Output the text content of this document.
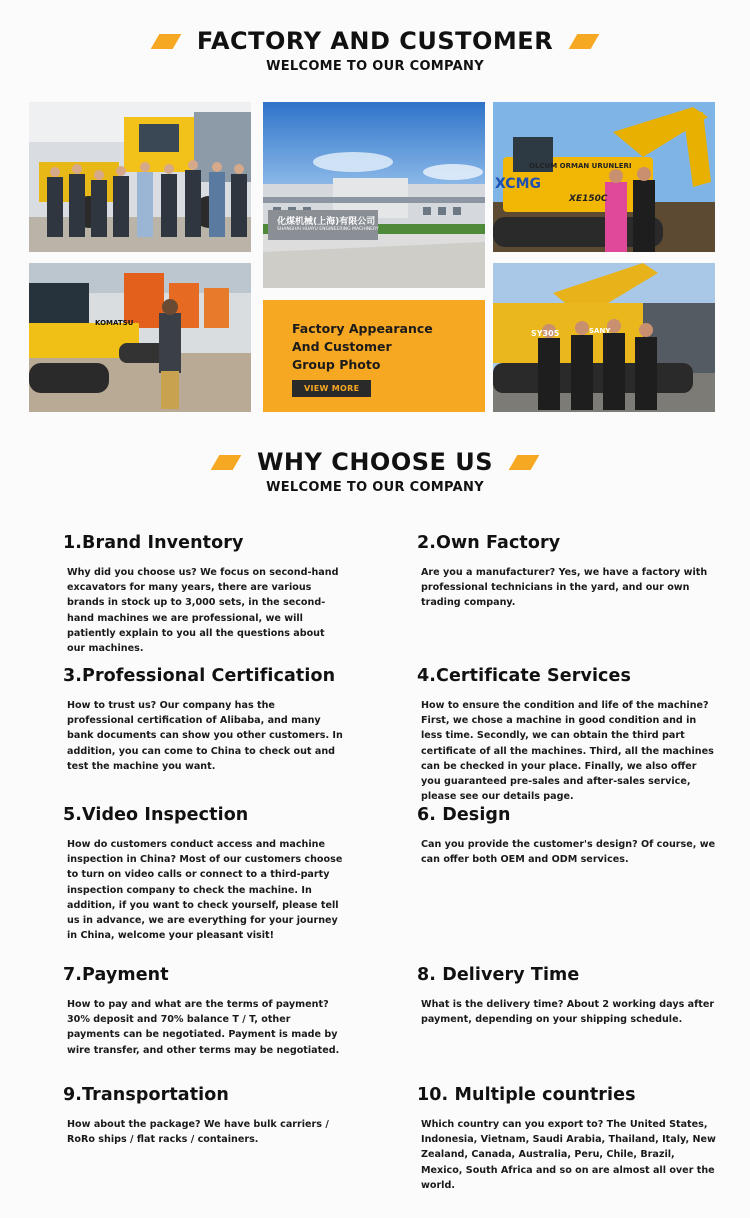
FACTORY AND CUSTOMER
WELCOME TO OUR COMPANY
化煤机械(上海)有限公司
SHANGHAI HUAYU ENGINEERING MACHINERY
OLCUM ORMAN URUNLERI
XE150C
XCMG
KOMATSU	Factory Appearance
And Customer
Group Photo
VIEW MORE
SY305	SANY
WHY CHOOSE US
WELCOME TO OUR COMPANY
1.Brand Inventory

Why did you choose us? We focus on second-hand excavators for many years, there are various brands in stock up to 3,000 sets, in the second-hand machines we are professional, we will patiently explain to you all the questions about our machines.

2.Own Factory

Are you a manufacturer? Yes, we have a factory with professional technicians in the yard, and our own trading company.

3.Professional Certification

How to trust us? Our company has the professional certification of Alibaba, and many bank documents can show you other customers. In addition, you can come to China to check out and test the machine you want.

4.Certificate Services

How to ensure the condition and life of the machine? First, we chose a machine in good condition and in less time. Secondly, we can obtain the third part certificate of all the machines. Third, all the machines can be checked in your place. Finally, we also offer you guaranteed pre-sales and after-sales service, please see our details page.

5.Video Inspection

How do customers conduct access and machine inspection in China? Most of our customers choose to turn on video calls or connect to a third-party inspection company to check the machine. In addition, if you want to check yourself, please tell us in advance, we are everything for your journey in China, welcome your pleasant visit!

6. Design

Can you provide the customer's design? Of course, we can offer both OEM and ODM services.

7.Payment

How to pay and what are the terms of payment? 30% deposit and 70% balance T / T, other payments can be negotiated. Payment is made by wire transfer, and other terms may be negotiated.

8. Delivery Time

What is the delivery time? About 2 working days after payment, depending on your shipping schedule.

9.Transportation

How about the package? We have bulk carriers / RoRo ships / flat racks / containers.

10. Multiple countries

Which country can you export to? The United States, Indonesia, Vietnam, Saudi Arabia, Thailand, Italy, New Zealand, Canada, Australia, Peru, Chile, Brazil, Mexico, South Africa and so on are almost all over the world.
